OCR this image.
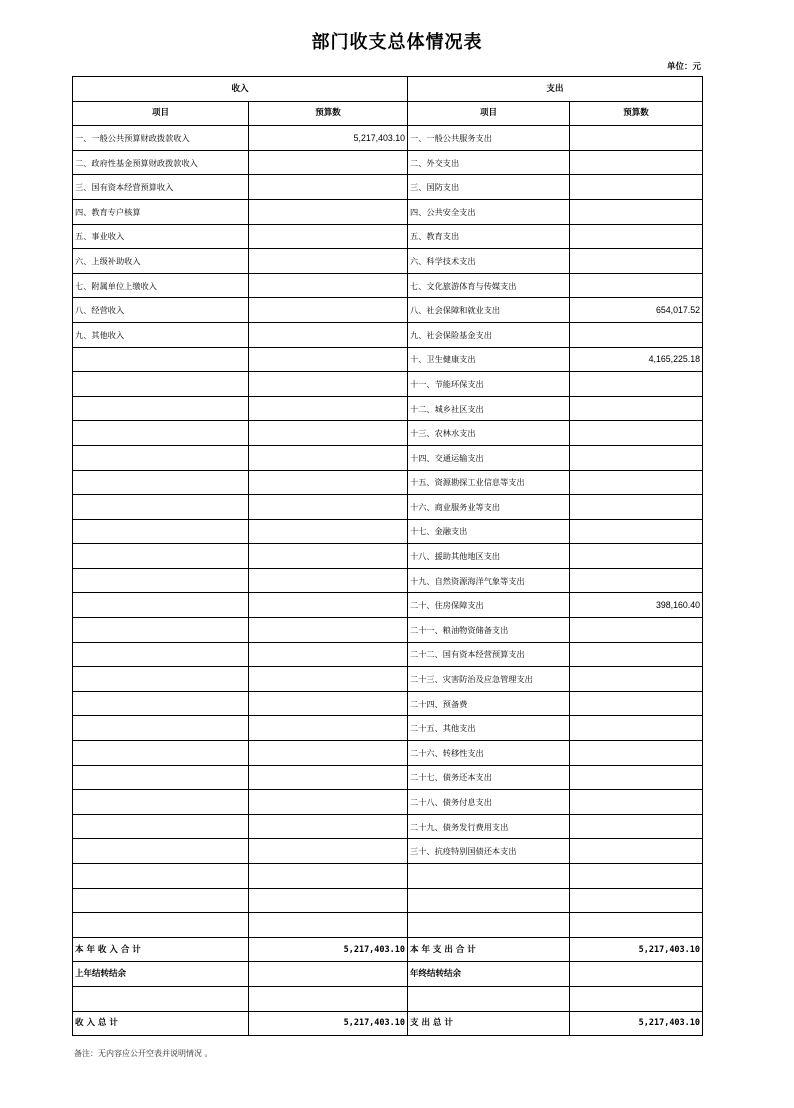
部门收支总体情况表
单位：元
收入		支出	
项目	预算数	项目	预算数
一、一般公共预算财政拨款收入	5,217,403.10	一、一般公共服务支出	
二、政府性基金预算财政拨款收入		二、外交支出	
三、国有资本经营预算收入		三、国防支出	
四、教育专户核算		四、公共安全支出	
五、事业收入		五、教育支出	
六、上级补助收入		六、科学技术支出	
七、附属单位上缴收入		七、文化旅游体育与传媒支出	
八、经营收入		八、社会保障和就业支出	654,017.52
九、其他收入		九、社会保险基金支出	
		十、卫生健康支出	4,165,225.18
		十一、节能环保支出	
		十二、城乡社区支出	
		十三、农林水支出	
		十四、交通运输支出	
		十五、资源勘探工业信息等支出	
		十六、商业服务业等支出	
		十七、金融支出	
		十八、援助其他地区支出	
		十九、自然资源海洋气象等支出	
		二十、住房保障支出	398,160.40
		二十一、粮油物资储备支出	
		二十二、国有资本经营预算支出	
		二十三、灾害防治及应急管理支出	
		二十四、预备费	
		二十五、其他支出	
		二十六、转移性支出	
		二十七、债务还本支出	
		二十八、债务付息支出	
		二十九、债务发行费用支出	
		三十、抗疫特别国债还本支出	

本 年 收 入 合 计	5,217,403.10	本 年 支 出 合 计	5,217,403.10
上年结转结余		年终结转结余	

收 入 总 计	5,217,403.10	支 出 总 计	5,217,403.10
备注：无内容应公开空表并说明情况 。
